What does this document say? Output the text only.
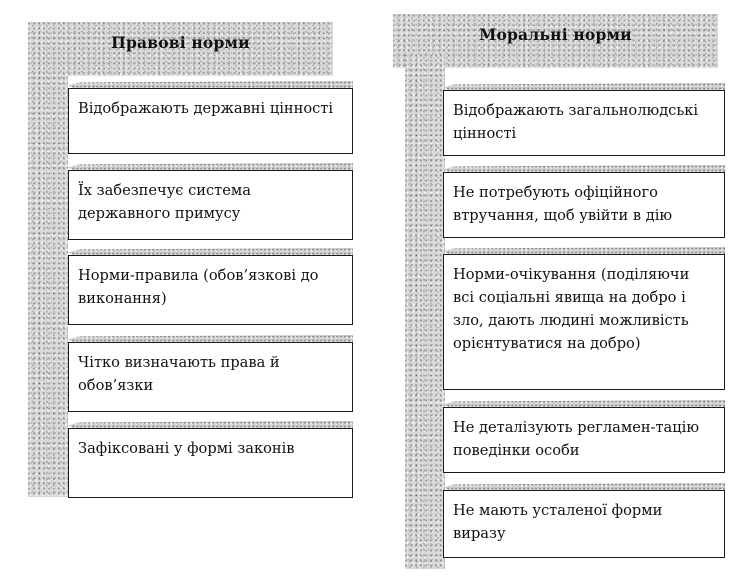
Правові норми
Відображають державні цінності
Їх забезпечує система державного примусу
Норми-правила (обов’язкові до виконання)
Чітко визначають права й обов’язки
Зафіксовані у формі законів
Моральні норми
Відображають загальнолюдські цінності
Не потребують офіційного втручання, щоб увійти в дію
Норми-очікування (поділяючи всі соціальні явища на добро і зло, дають людині можливість орієнтуватися на добро)
Не деталізують регламен-тацію поведінки особи
Не мають усталеної форми виразу
